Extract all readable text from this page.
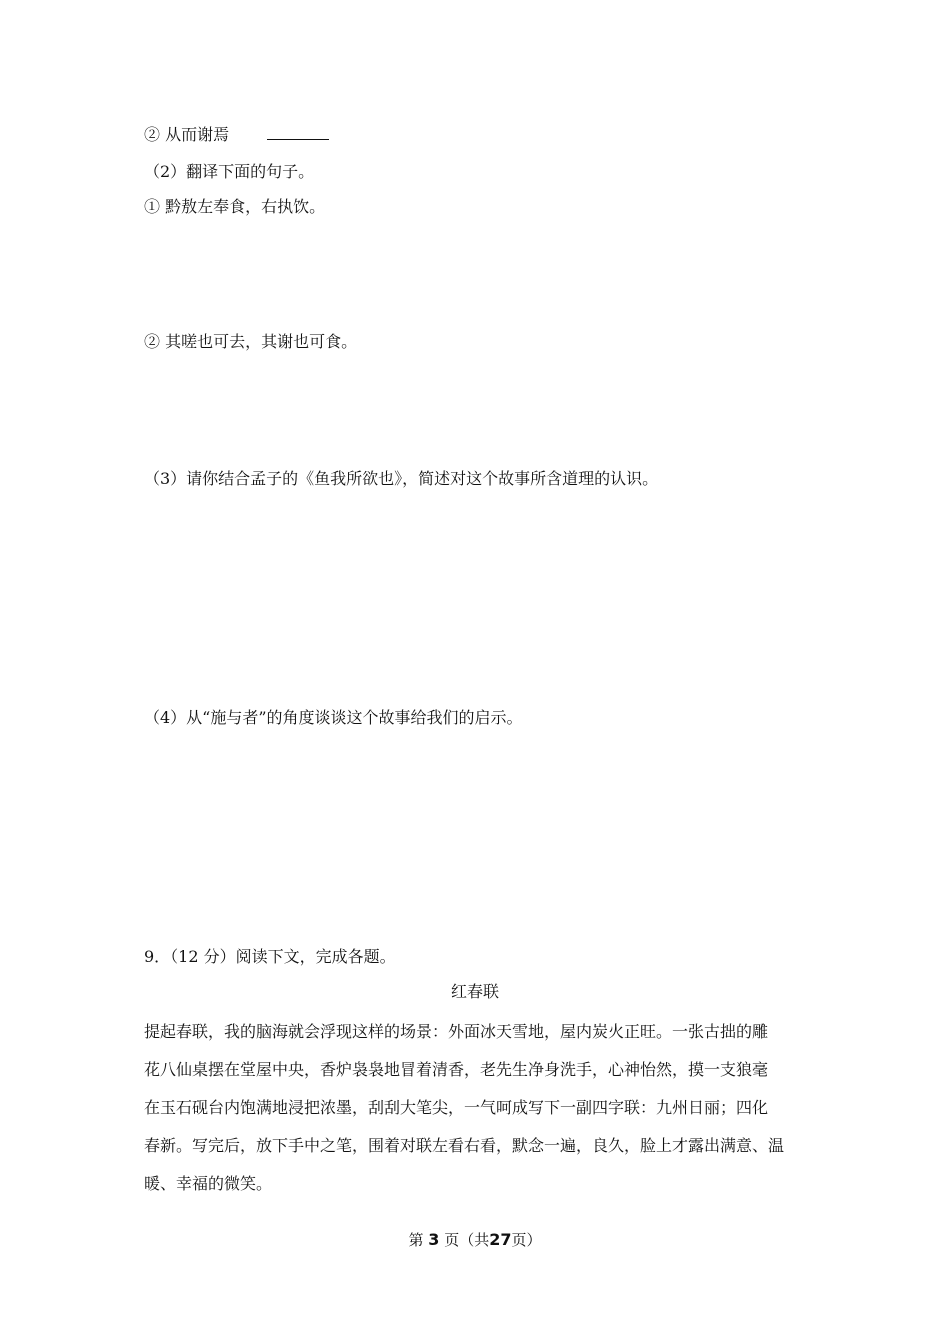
② 从而谢焉
（2）翻译下面的句子。
① 黔敖左奉食，右执饮。
② 其嗟也可去，其谢也可食。
（3）请你结合孟子的《鱼我所欲也》，简述对这个故事所含道理的认识。
（4）从“施与者”的角度谈谈这个故事给我们的启示。
9．（12 分）阅读下文，完成各题。
红春联
提起春联，我的脑海就会浮现这样的场景：外面冰天雪地，屋内炭火正旺。一张古拙的雕
花八仙桌摆在堂屋中央，香炉袅袅地冒着清香，老先生净身洗手，心神怡然，摸一支狼毫
在玉石砚台内饱满地浸把浓墨，刮刮大笔尖，一气呵成写下一副四字联：九州日丽；四化
春新。写完后，放下手中之笔，围着对联左看右看，默念一遍，良久，脸上才露出满意、温
暖、幸福的微笑。
第 3 页（共27页）
